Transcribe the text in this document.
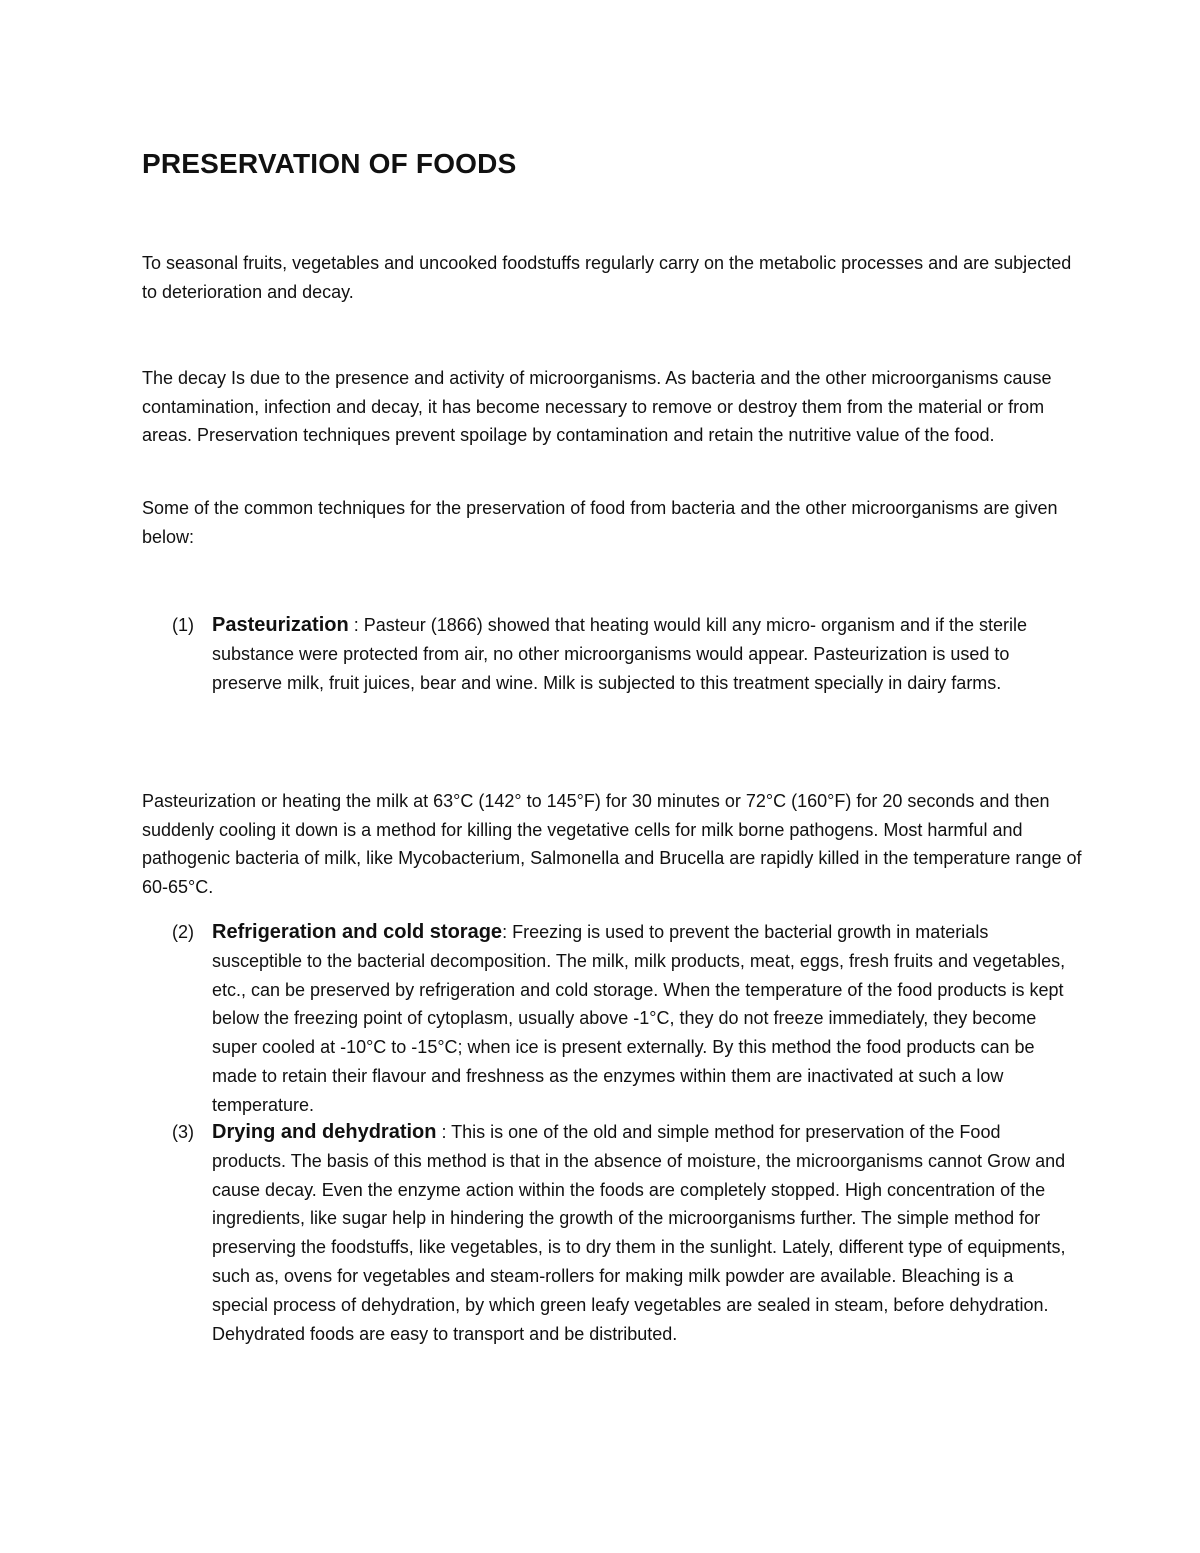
PRESERVATION OF FOODS

To seasonal fruits, vegetables and uncooked foodstuffs regularly carry on the metabolic processes and are subjected to deterioration and decay.

The decay Is due to the presence and activity of microorganisms. As bacteria and the other microorganisms cause contamination, infection and decay, it has become necessary to remove or destroy them from the material or from areas. Preservation techniques prevent spoilage by contamination and retain the nutritive value of the food.

Some of the common techniques for the preservation of food from bacteria and the other microorganisms are given below:

(1) Pasteurization : Pasteur (1866) showed that heating would kill any micro- organism and if the sterile substance were protected from air, no other microorganisms would appear. Pasteurization is used to preserve milk, fruit juices, bear and wine. Milk is subjected to this treatment specially in dairy farms.

Pasteurization or heating the milk at 63°C (142° to 145°F) for 30 minutes or 72°C (160°F) for 20 seconds and then suddenly cooling it down is a method for killing the vegetative cells for milk borne pathogens. Most harmful and pathogenic bacteria of milk, like Mycobacterium, Salmonella and Brucella are rapidly killed in the temperature range of 60-65°C.

(2) Refrigeration and cold storage: Freezing is used to prevent the bacterial growth in materials susceptible to the bacterial decomposition. The milk, milk products, meat, eggs, fresh fruits and vegetables, etc., can be preserved by refrigeration and cold storage. When the temperature of the food products is kept below the freezing point of cytoplasm, usually above -1°C, they do not freeze immediately, they become super cooled at -10°C to -15°C; when ice is present externally. By this method the food products can be made to retain their flavour and freshness as the enzymes within them are inactivated at such a low temperature.
(3) Drying and dehydration : This is one of the old and simple method for preservation of the Food products. The basis of this method is that in the absence of moisture, the microorganisms cannot Grow and cause decay. Even the enzyme action within the foods are completely stopped. High concentration of the ingredients, like sugar help in hindering the growth of the microorganisms further. The simple method for preserving the foodstuffs, like vegetables, is to dry them in the sunlight. Lately, different type of equipments, such as, ovens for vegetables and steam-rollers for making milk powder are available. Bleaching is a special process of dehydration, by which green leafy vegetables are sealed in steam, before dehydration. Dehydrated foods are easy to transport and be distributed.
